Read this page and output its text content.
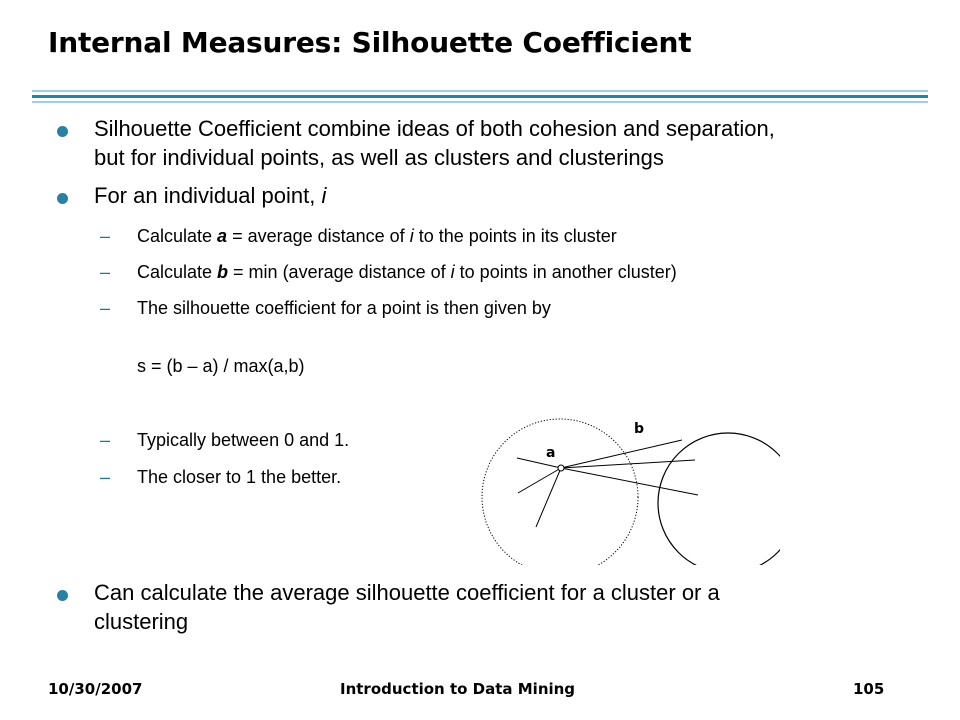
Internal Measures: Silhouette Coefficient
Silhouette Coefficient combine ideas of both cohesion and separation,
but for individual points, as well as clusters and clusterings
For an individual point, i
– Calculate a = average distance of i to the points in its cluster
– Calculate b = min (average distance of i to points in another cluster)
– The silhouette coefficient for a point is then given by
s = (b – a) / max(a,b)
– Typically between 0 and 1.
– The closer to 1 the better.
a
b
Can calculate the average silhouette coefficient for a cluster or a
clustering
10/30/2007	Introduction to Data Mining	105
